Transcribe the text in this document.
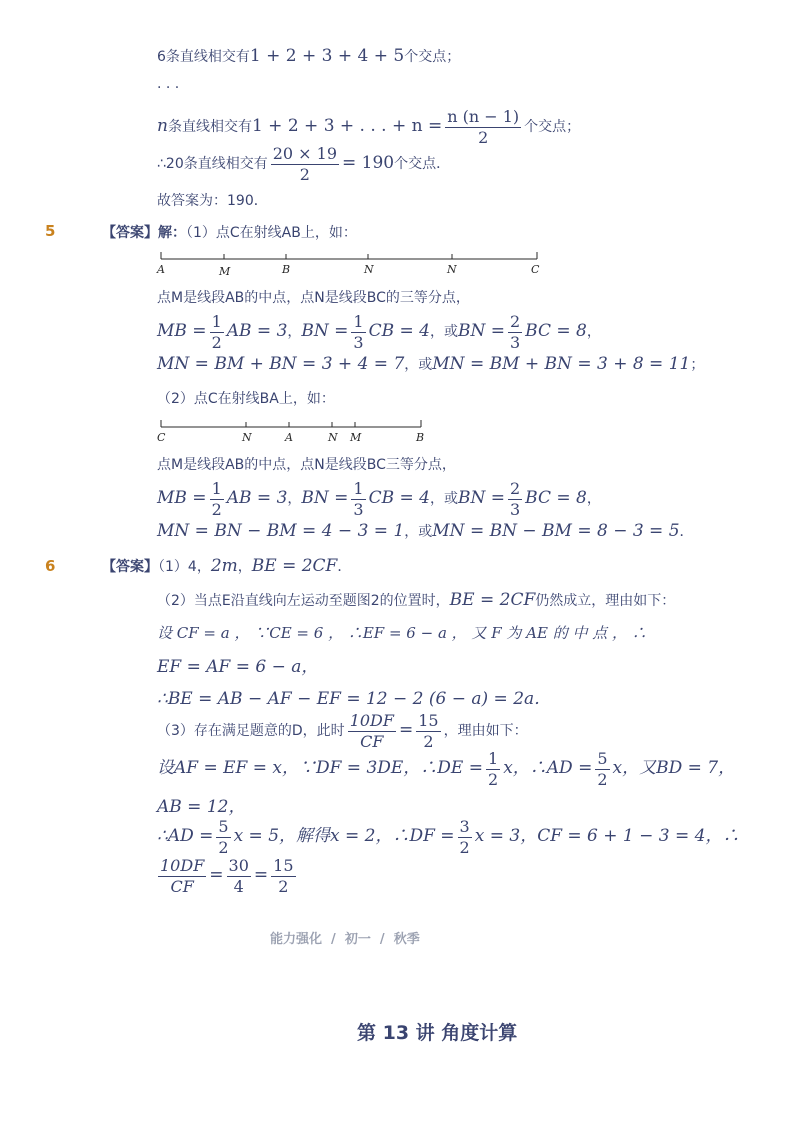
6条直线相交有1 + 2 + 3 + 4 + 5个交点；
· · ·
n条直线相交有1 + 2 + 3 + . . . + $n = \frac{n (n - 1)}{2}$ 个交点；
∴20条直线相交有 $\frac{20 \times 19}{2} = 190$个交点．
故答案为：190．
5	【答案】解：（1）点C在射线AB上，如：
A	M	B	N	N	C
点M是线段AB的中点，点N是线段BC的三等分点，
MB = $\frac{1}{2}$ AB = 3，BN = $\frac{1}{3}$ CB = 4，或BN = $\frac{2}{3}$ BC = 8，
MN = BM + BN = 3 + 4 = 7，或MN = BM + BN = 3 + 8 = 11；
（2）点C在射线BA上，如：
C	N	A	N M	B
点M是线段AB的中点，点N是线段BC三等分点，
MB = $\frac{1}{2}$ AB = 3，BN = $\frac{1}{3}$ CB = 4，或BN = $\frac{2}{3}$ BC = 8，
MN = BN − BM = 4 − 3 = 1，或MN = BN − BM = 8 − 3 = 5．
6	【答案】（1）4，2m，BE = 2CF．
（2）当点E沿直线向左运动至题图2的位置时，BE = 2CF仍然成立，理由如下：
设 CF = a ， ∵CE = 6 ， ∴EF = 6 − a ， 又 F 为 AE 的 中 点 ， ∴
EF = AF = 6 − a，
∴BE = AB − AF − EF = 12 − 2 (6 − a) = 2a．
（3）存在满足题意的D，此时 $\frac{10DF}{CF} = \frac{15}{2}$ ，理由如下：
设AF = EF = x，∵DF = 3DE，∴DE = $\frac{1}{2}$ x，∴AD = $\frac{5}{2}$ x，又BD = 7，
AB = 12，
∴AD = $\frac{5}{2}$ x = 5，解得x = 2，∴DF = $\frac{3}{2}$ x = 3，CF = 6 + 1 − 3 = 4，∴
$\frac{10DF}{CF} = \frac{30}{4} = \frac{15}{2}$
能力强化  /  初一  /  秋季
第 13 讲 角度计算
